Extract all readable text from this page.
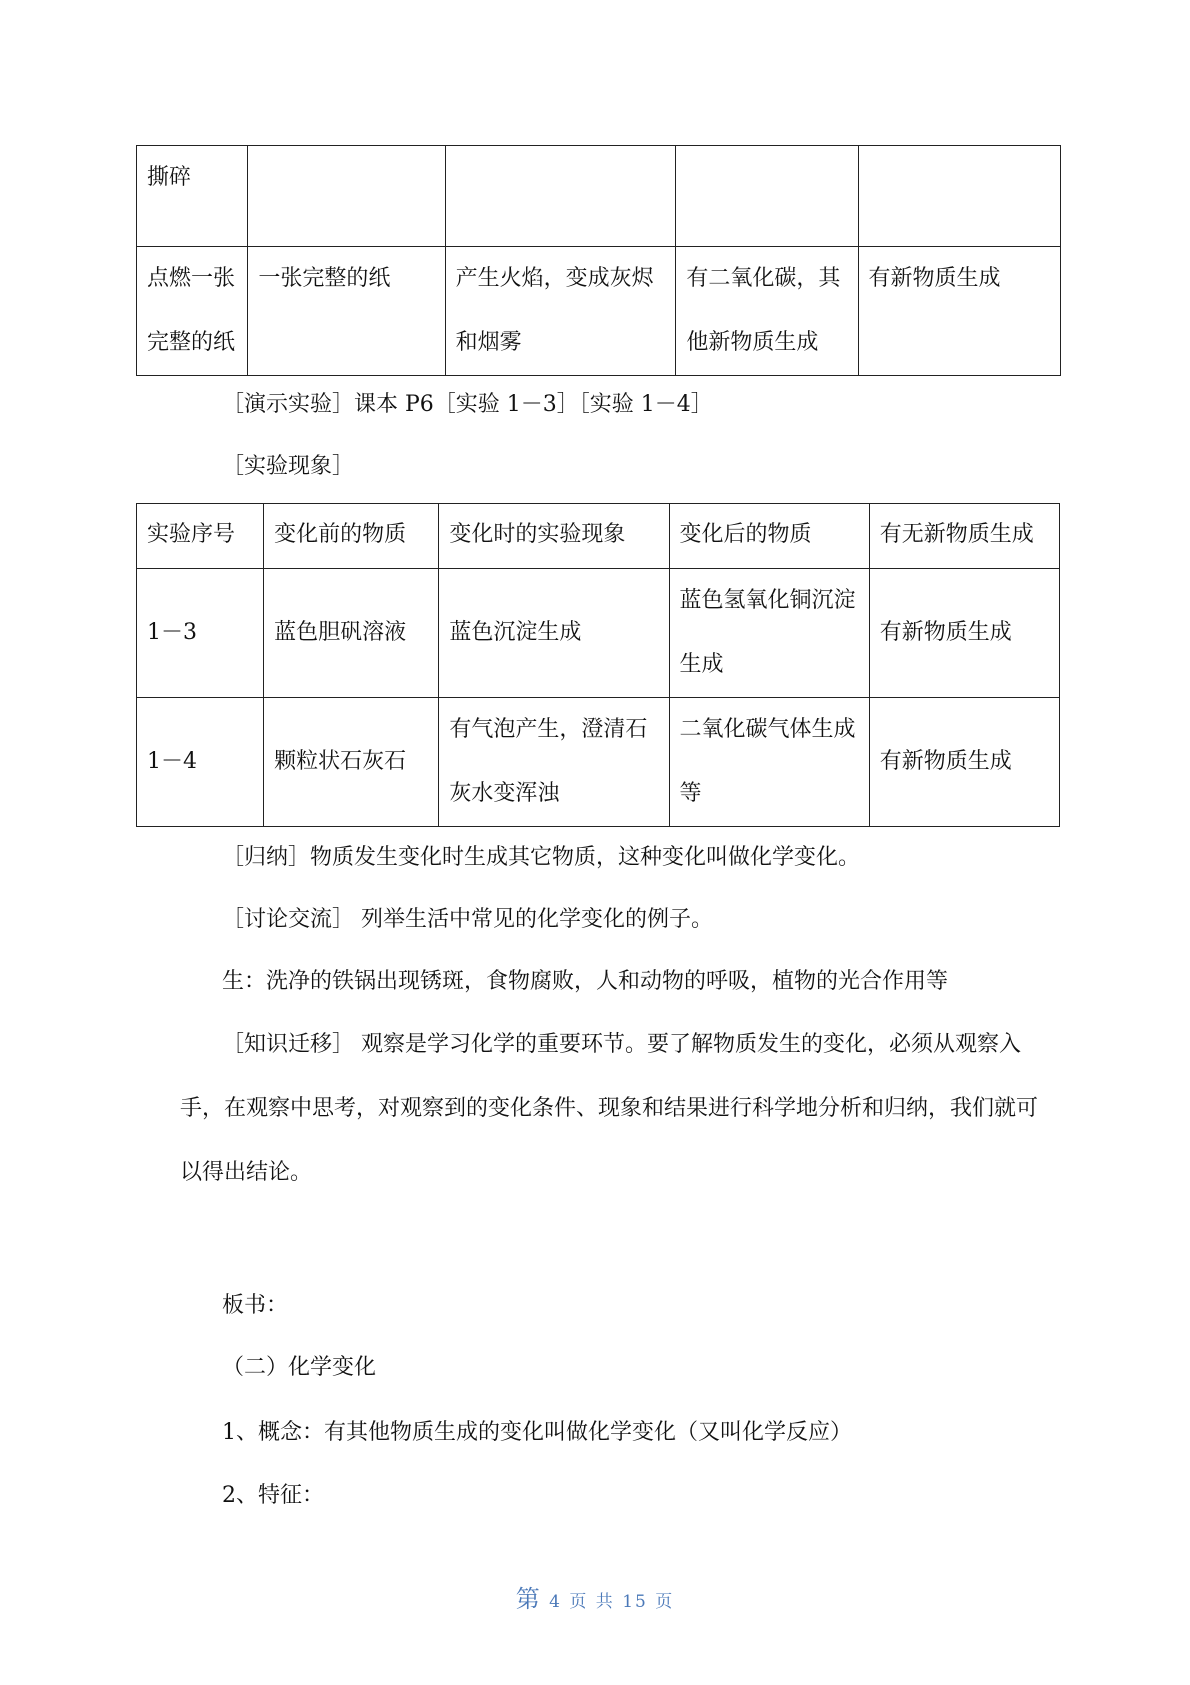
撕碎				
点燃一张完整的纸	一张完整的纸	产生火焰，变成灰烬和烟雾	有二氧化碳，其他新物质生成	有新物质生成
［演示实验］课本 P6［实验 1－3］［实验 1－4］
［实验现象］
实验序号	变化前的物质	变化时的实验现象	变化后的物质	有无新物质生成
1－3	蓝色胆矾溶液	蓝色沉淀生成	蓝色氢氧化铜沉淀生成	有新物质生成
1－4	颗粒状石灰石	有气泡产生，澄清石灰水变浑浊	二氧化碳气体生成等	有新物质生成
［归纳］物质发生变化时生成其它物质，这种变化叫做化学变化。
［讨论交流］ 列举生活中常见的化学变化的例子。
生：洗净的铁锅出现锈斑，食物腐败，人和动物的呼吸，植物的光合作用等
［知识迁移］ 观察是学习化学的重要环节。要了解物质发生的变化，必须从观察入手，在观察中思考，对观察到的变化条件、现象和结果进行科学地分析和归纳，我们就可以得出结论。
板书：
（二）化学变化
1、概念：有其他物质生成的变化叫做化学变化（又叫化学反应）
2、特征：
第 4 页 共 15 页
